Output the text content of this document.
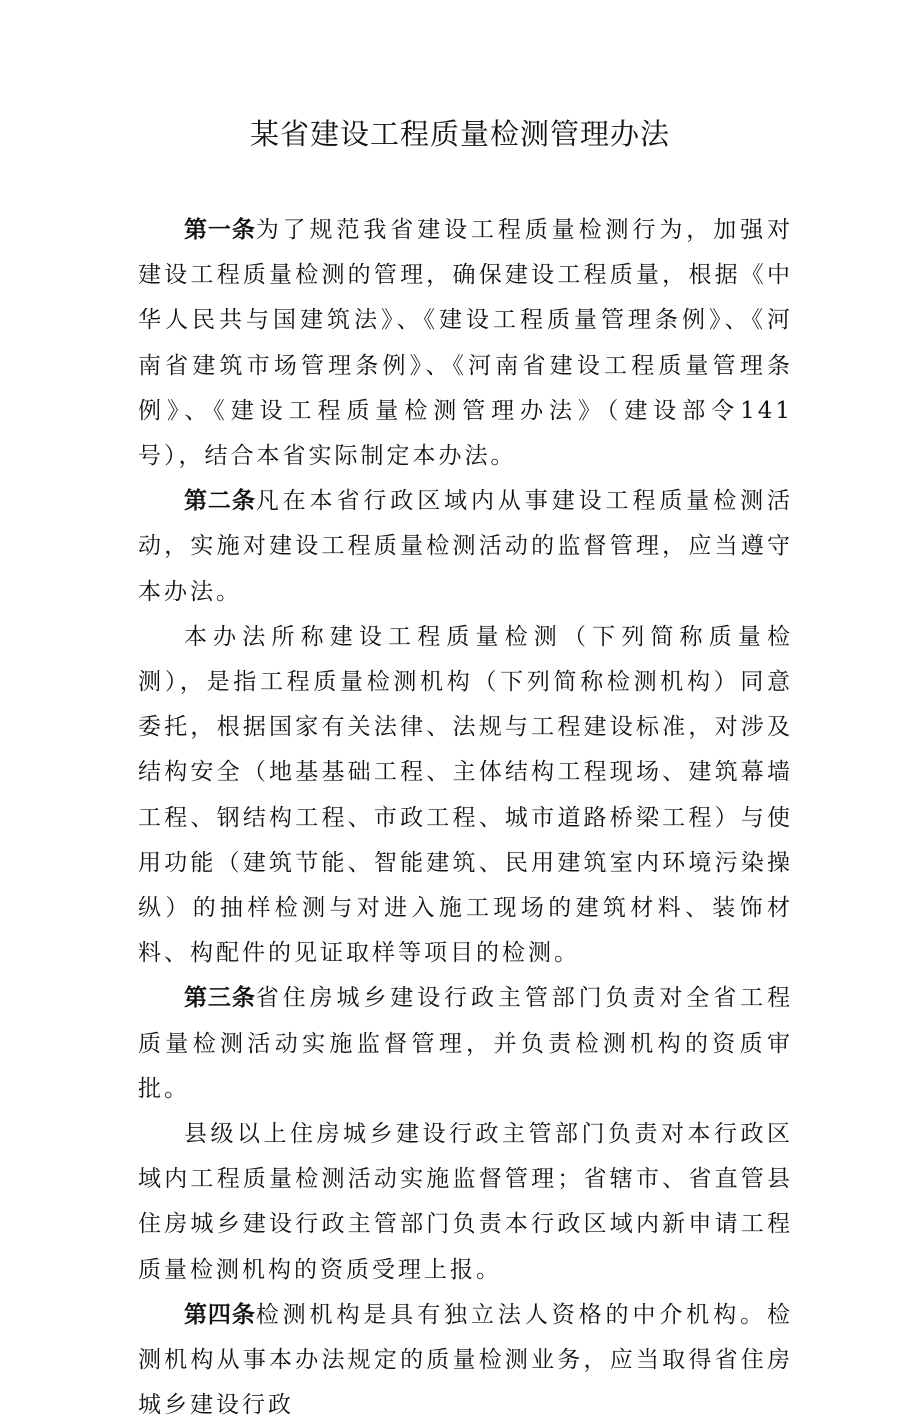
某省建设工程质量检测管理办法

第一条为了规范我省建设工程质量检测行为，加强对建设工程质量检测的管理，确保建设工程质量，根据《中华人民共与国建筑法》、《建设工程质量管理条例》、《河南省建筑市场管理条例》、《河南省建设工程质量管理条例》、《建设工程质量检测管理办法》（建设部令141号），结合本省实际制定本办法。

第二条凡在本省行政区域内从事建设工程质量检测活动，实施对建设工程质量检测活动的监督管理，应当遵守本办法。

本办法所称建设工程质量检测（下列简称质量检测），是指工程质量检测机构（下列简称检测机构）同意委托，根据国家有关法律、法规与工程建设标准，对涉及结构安全（地基基础工程、主体结构工程现场、建筑幕墙工程、钢结构工程、市政工程、城市道路桥梁工程）与使用功能（建筑节能、智能建筑、民用建筑室内环境污染操纵）的抽样检测与对进入施工现场的建筑材料、装饰材料、构配件的见证取样等项目的检测。

第三条省住房城乡建设行政主管部门负责对全省工程质量检测活动实施监督管理，并负责检测机构的资质审批。

县级以上住房城乡建设行政主管部门负责对本行政区域内工程质量检测活动实施监督管理；省辖市、省直管县住房城乡建设行政主管部门负责本行政区域内新申请工程质量检测机构的资质受理上报。

第四条检测机构是具有独立法人资格的中介机构。检测机构从事本办法规定的质量检测业务，应当取得省住房城乡建设行政
